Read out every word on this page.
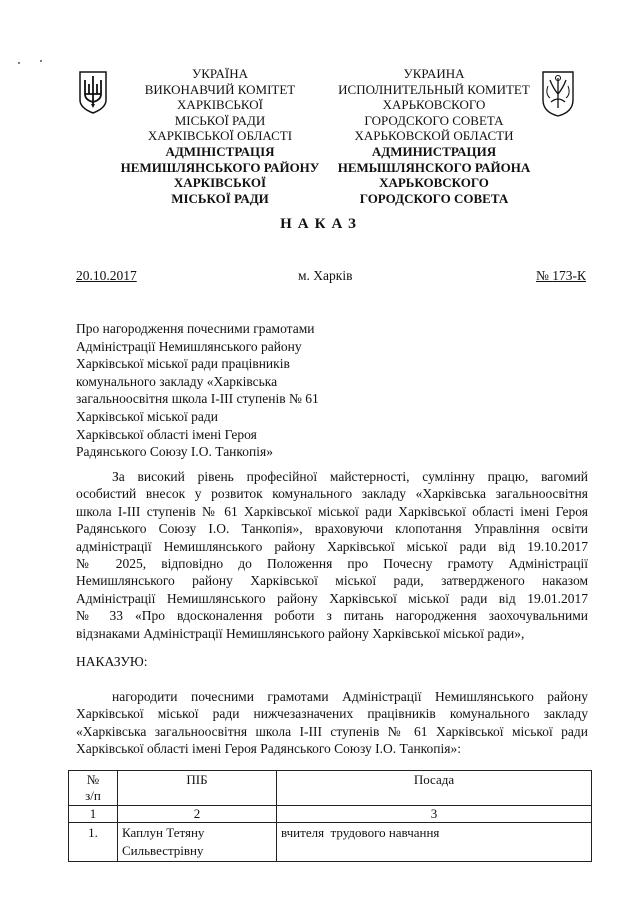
УКРАЇНА
ВИКОНАВЧИЙ КОМІТЕТ
ХАРКІВСЬКОЇ
МІСЬКОЇ РАДИ
ХАРКІВСЬКОЇ ОБЛАСТІ
АДМІНІСТРАЦІЯ
НЕМИШЛЯНСЬКОГО РАЙОНУ
ХАРКІВСЬКОЇ
МІСЬКОЇ РАДИ
УКРАИНА
ИСПОЛНИТЕЛЬНЫЙ КОМИТЕТ
ХАРЬКОВСКОГО
ГОРОДСКОГО СОВЕТА
ХАРЬКОВСКОЙ ОБЛАСТИ
АДМИНИСТРАЦИЯ
НЕМЫШЛЯНСКОГО РАЙОНА
ХАРЬКОВСКОГО
ГОРОДСКОГО СОВЕТА
НАКАЗ
20.10.2017	м. Харків	№ 173-К
Про нагородження почесними грамотами
Адміністрації Немишлянського району
Харківської міської ради працівників
комунального закладу «Харківська
загальноосвітня школа І-ІІІ ступенів № 61
Харківської міської ради
Харківської області імені Героя
Радянського Союзу І.О. Танкопія»
За високий рівень професійної майстерності, сумлінну працю, вагомий
особистий внесок у розвиток комунального закладу «Харківська загальноосвітня
школа І-ІІІ ступенів № 61 Харківської міської ради Харківської області імені Героя
Радянського Союзу І.О. Танкопія», враховуючи клопотання Управління освіти
адміністрації Немишлянського району Харківської міської ради від 19.10.2017
№ 2025, відповідно до Положення про Почесну грамоту Адміністрації
Немишлянського району Харківської міської ради, затвердженого наказом
Адміністрації Немишлянського району Харківської міської ради від 19.01.2017
№ 33 «Про вдосконалення роботи з питань нагородження заохочувальними
відзнаками Адміністрації Немишлянського району Харківської міської ради»,
НАКАЗУЮ:
нагородити почесними грамотами Адміністрації Немишлянського району
Харківської міської ради нижчезазначених працівників комунального закладу
«Харківська загальноосвітня школа І-ІІІ ступенів № 61 Харківської міської ради
Харківської області імені Героя Радянського Союзу І.О. Танкопія»:
№
з/п	ПІБ	Посада
1	2	3
1.	Каплун Тетяну
Сильвестрівну	вчителя  трудового навчання
